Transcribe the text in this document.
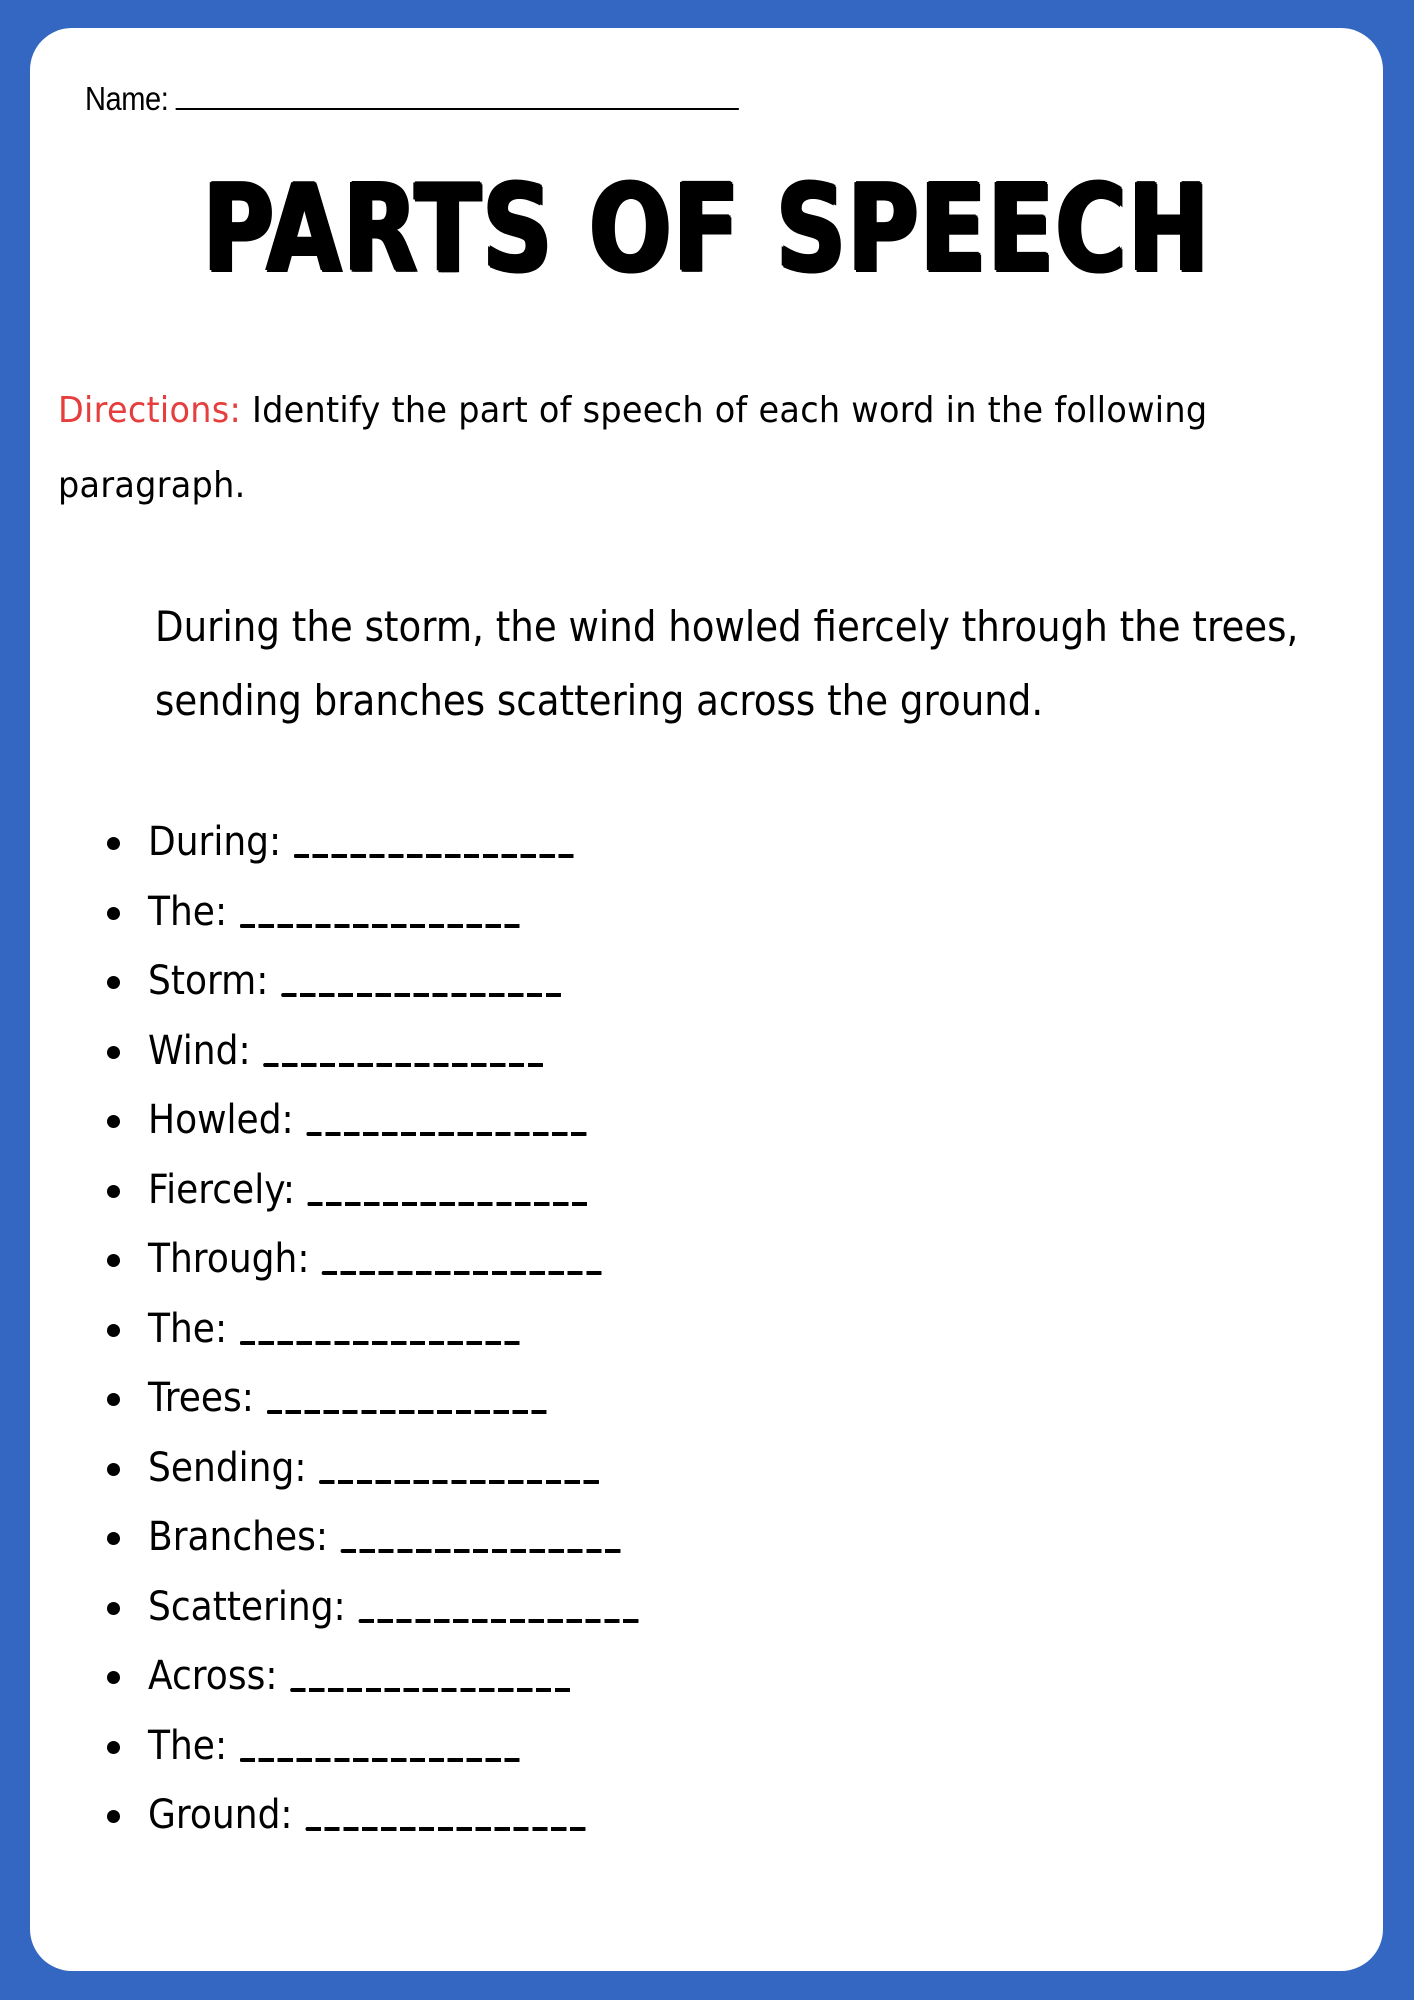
Name:
PARTS OF SPEECH
Directions: Identify the part of speech of each word in the following paragraph.
During the storm, the wind howled fiercely through the trees, sending branches scattering across the ground.
During:
The:
Storm:
Wind:
Howled:
Fiercely:
Through:
The:
Trees:
Sending:
Branches:
Scattering:
Across:
The:
Ground:
